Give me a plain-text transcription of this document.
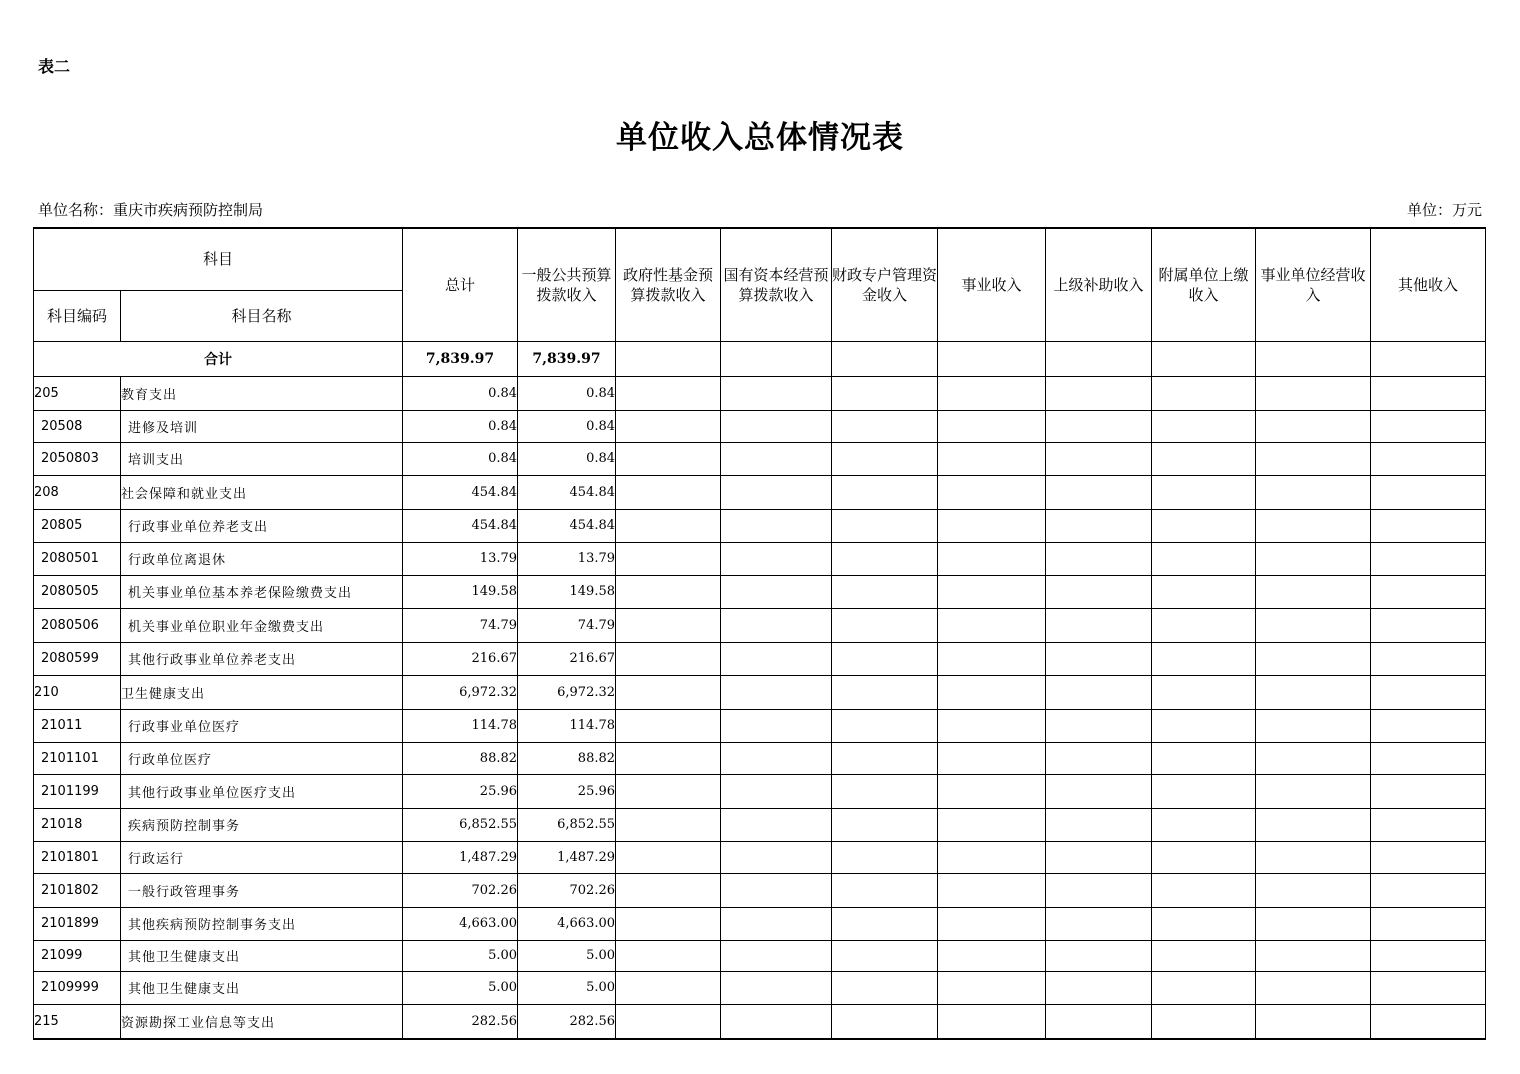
表二
单位收入总体情况表
单位名称：重庆市疾病预防控制局	单位：万元
科目		总计	一般公共预算拨款收入	政府性基金预算拨款收入	国有资本经营预算拨款收入	财政专户管理资金收入	事业收入	上级补助收入	附属单位上缴收入	事业单位经营收入	其他收入
科目编码	科目名称										
合计		7,839.97	7,839.97								
205	教育支出	0.84	0.84								
20508	进修及培训	0.84	0.84								
2050803	培训支出	0.84	0.84								
208	社会保障和就业支出	454.84	454.84								
20805	行政事业单位养老支出	454.84	454.84								
2080501	行政单位离退休	13.79	13.79								
2080505	机关事业单位基本养老保险缴费支出	149.58	149.58								
2080506	机关事业单位职业年金缴费支出	74.79	74.79								
2080599	其他行政事业单位养老支出	216.67	216.67								
210	卫生健康支出	6,972.32	6,972.32								
21011	行政事业单位医疗	114.78	114.78								
2101101	行政单位医疗	88.82	88.82								
2101199	其他行政事业单位医疗支出	25.96	25.96								
21018	疾病预防控制事务	6,852.55	6,852.55								
2101801	行政运行	1,487.29	1,487.29								
2101802	一般行政管理事务	702.26	702.26								
2101899	其他疾病预防控制事务支出	4,663.00	4,663.00								
21099	其他卫生健康支出	5.00	5.00								
2109999	其他卫生健康支出	5.00	5.00								
215	资源勘探工业信息等支出	282.56	282.56								
